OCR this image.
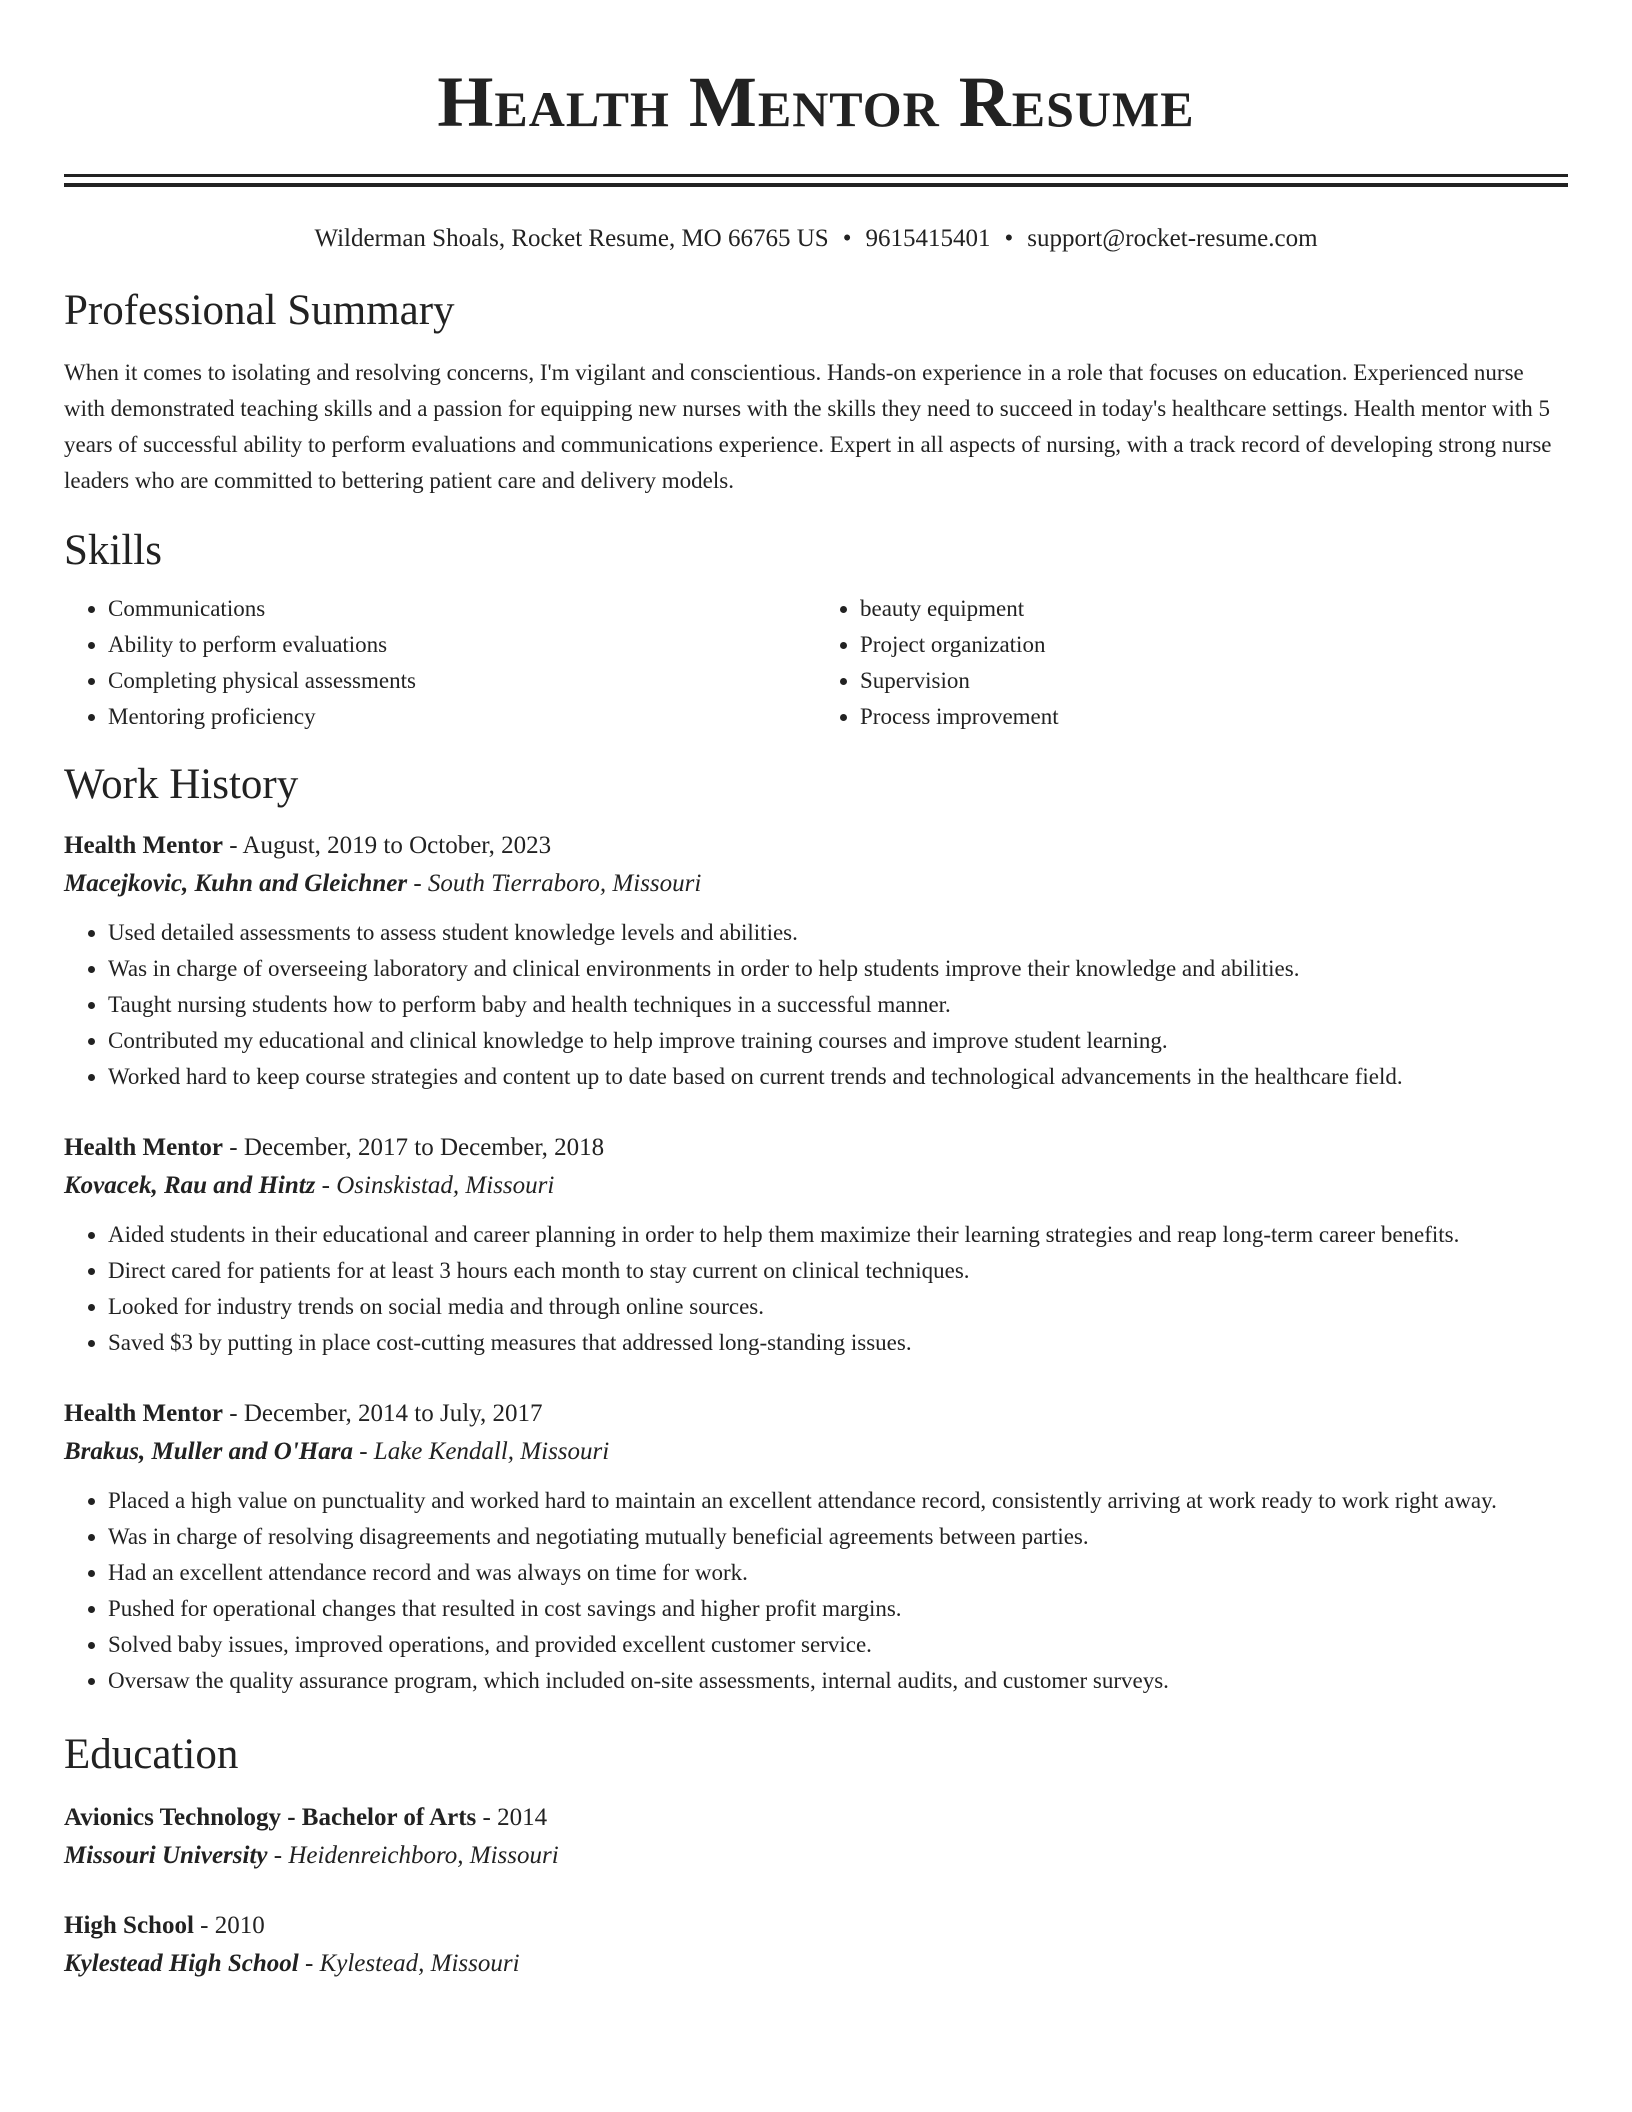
Health Mentor Resume
Wilderman Shoals, Rocket Resume, MO 66765 US • 9615415401 • support@rocket-resume.com
Professional Summary

When it comes to isolating and resolving concerns, I'm vigilant and conscientious. Hands-on experience in a role that focuses on education. Experienced nurse with demonstrated teaching skills and a passion for equipping new nurses with the skills they need to succeed in today's healthcare settings. Health mentor with 5 years of successful ability to perform evaluations and communications experience. Expert in all aspects of nursing, with a track record of developing strong nurse leaders who are committed to bettering patient care and delivery models.

Skills
• Communications
• Ability to perform evaluations
• Completing physical assessments
• Mentoring proficiency
• beauty equipment
• Project organization
• Supervision
• Process improvement
Work History
Health Mentor - August, 2019 to October, 2023
Macejkovic, Kuhn and Gleichner - South Tierraboro, Missouri
• Used detailed assessments to assess student knowledge levels and abilities.
• Was in charge of overseeing laboratory and clinical environments in order to help students improve their knowledge and abilities.
• Taught nursing students how to perform baby and health techniques in a successful manner.
• Contributed my educational and clinical knowledge to help improve training courses and improve student learning.
• Worked hard to keep course strategies and content up to date based on current trends and technological advancements in the healthcare field.
Health Mentor - December, 2017 to December, 2018
Kovacek, Rau and Hintz - Osinskistad, Missouri
• Aided students in their educational and career planning in order to help them maximize their learning strategies and reap long-term career benefits.
• Direct cared for patients for at least 3 hours each month to stay current on clinical techniques.
• Looked for industry trends on social media and through online sources.
• Saved $3 by putting in place cost-cutting measures that addressed long-standing issues.
Health Mentor - December, 2014 to July, 2017
Brakus, Muller and O'Hara - Lake Kendall, Missouri
• Placed a high value on punctuality and worked hard to maintain an excellent attendance record, consistently arriving at work ready to work right away.
• Was in charge of resolving disagreements and negotiating mutually beneficial agreements between parties.
• Had an excellent attendance record and was always on time for work.
• Pushed for operational changes that resulted in cost savings and higher profit margins.
• Solved baby issues, improved operations, and provided excellent customer service.
• Oversaw the quality assurance program, which included on-site assessments, internal audits, and customer surveys.
Education
Avionics Technology - Bachelor of Arts - 2014
Missouri University - Heidenreichboro, Missouri
High School - 2010
Kylestead High School - Kylestead, Missouri
